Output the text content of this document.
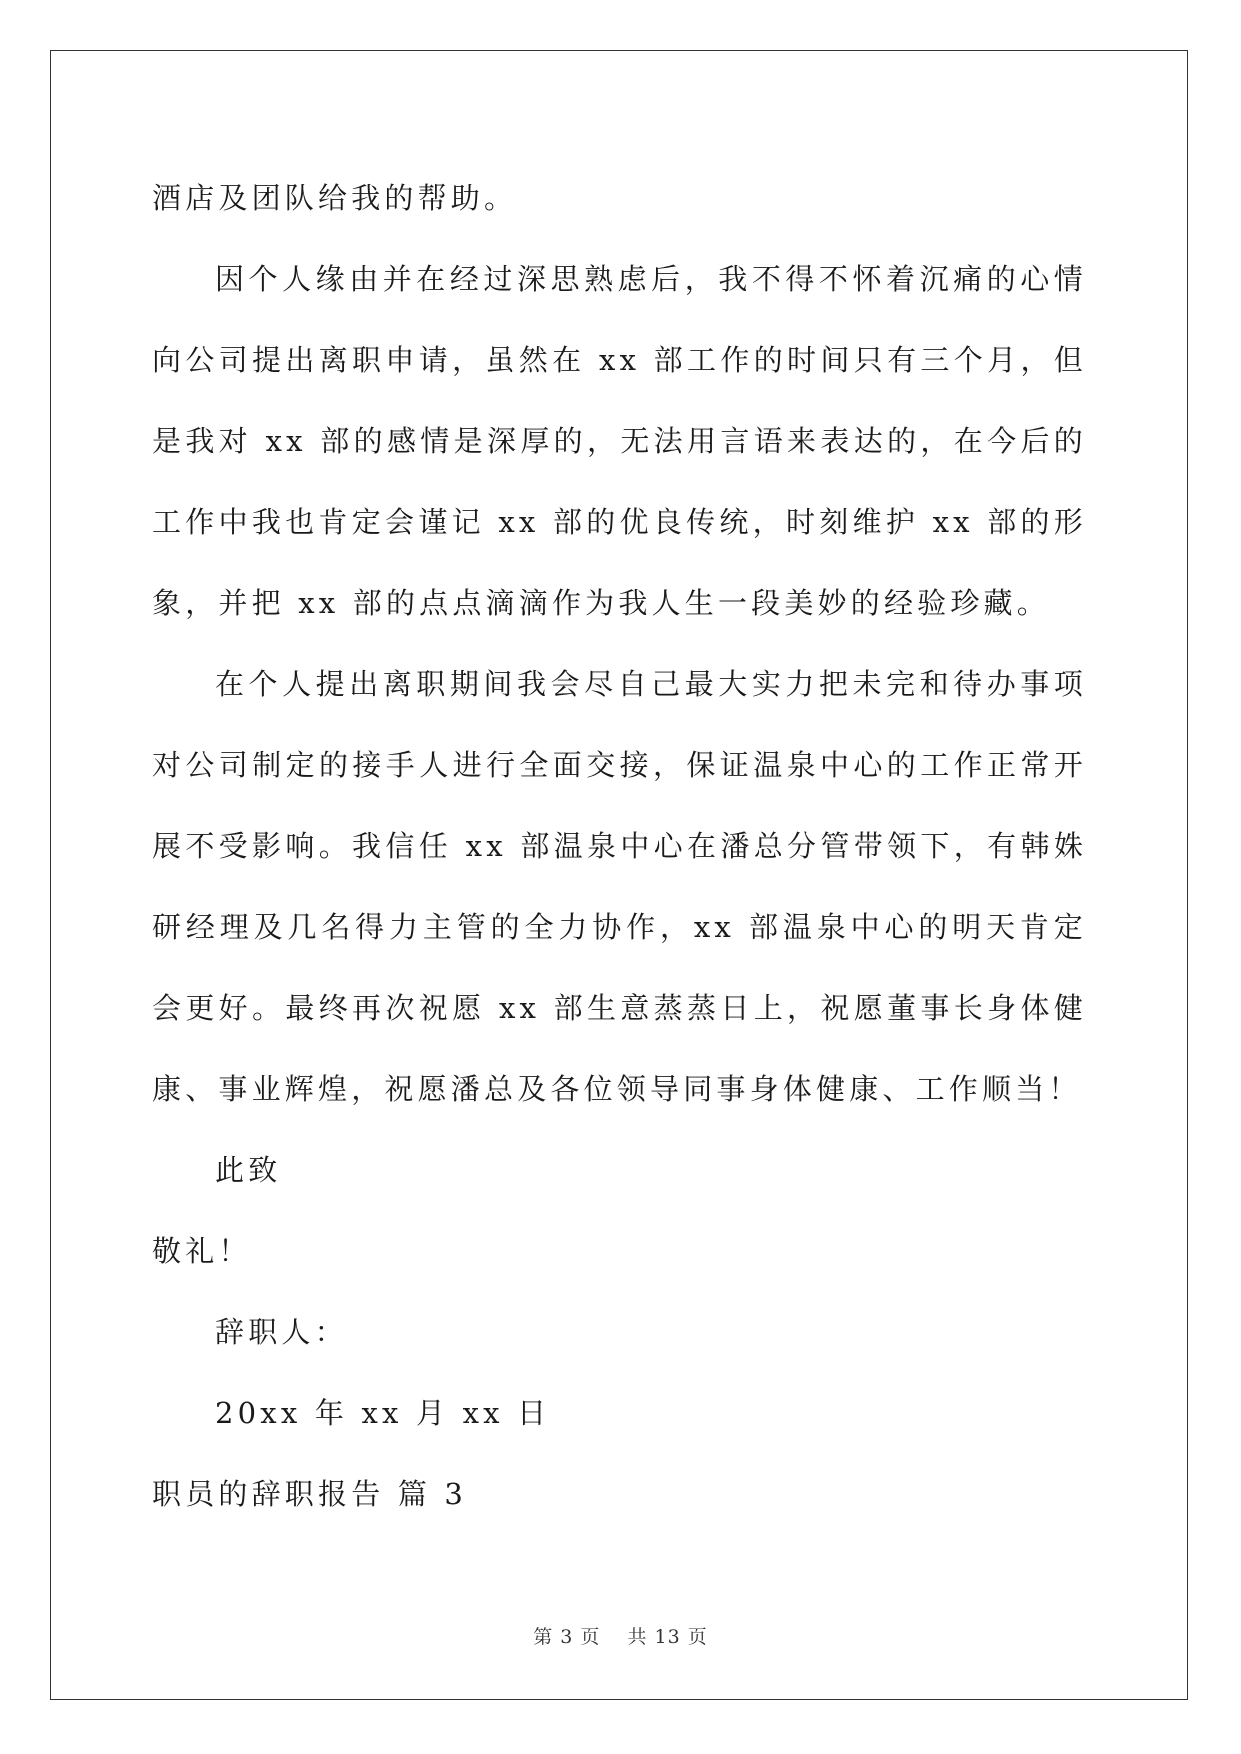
酒店及团队给我的帮助。

因个人缘由并在经过深思熟虑后，我不得不怀着沉痛的心情向公司提出离职申请，虽然在 xx 部工作的时间只有三个月，但是我对 xx 部的感情是深厚的，无法用言语来表达的，在今后的工作中我也肯定会谨记 xx 部的优良传统，时刻维护 xx 部的形象，并把 xx 部的点点滴滴作为我人生一段美妙的经验珍藏。

在个人提出离职期间我会尽自己最大实力把未完和待办事项对公司制定的接手人进行全面交接，保证温泉中心的工作正常开展不受影响。我信任 xx 部温泉中心在潘总分管带领下，有韩姝研经理及几名得力主管的全力协作，xx 部温泉中心的明天肯定会更好。最终再次祝愿 xx 部生意蒸蒸日上，祝愿董事长身体健康、事业辉煌，祝愿潘总及各位领导同事身体健康、工作顺当！

此致

敬礼！

辞职人：

20xx 年 xx 月 xx 日

职员的辞职报告 篇 3

第 3 页　 共 13 页
